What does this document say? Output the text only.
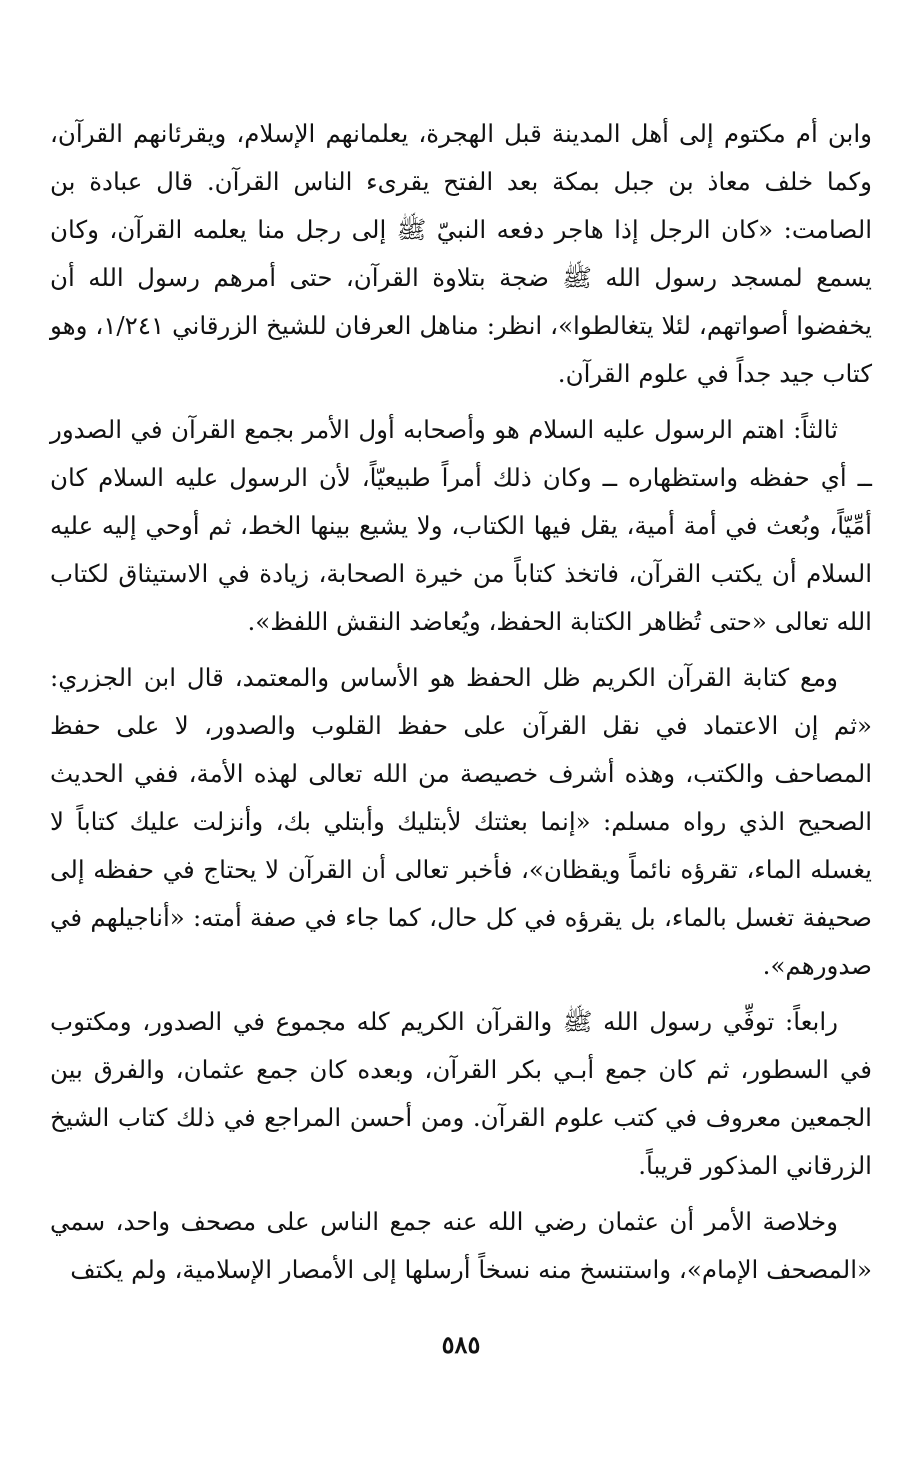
وابن أم مكتوم إلى أهل المدينة قبل الهجرة، يعلمانهم الإسلام، ويقرئانهم القرآن، وكما خلف معاذ بن جبل بمكة بعد الفتح يقرىء الناس القرآن. قال عبادة بن الصامت: «كان الرجل إذا هاجر دفعه النبيّ ﷺ إلى رجل منا يعلمه القرآن، وكان يسمع لمسجد رسول الله ﷺ ضجة بتلاوة القرآن، حتى أمرهم رسول الله أن يخفضوا أصواتهم، لئلا يتغالطوا»، انظر: مناهل العرفان للشيخ الزرقاني ١/٢٤١، وهو كتاب جيد جداً في علوم القرآن.

ثالثاً: اهتم الرسول عليه السلام هو وأصحابه أول الأمر بجمع القرآن في الصدور ــ أي حفظه واستظهاره ــ وكان ذلك أمراً طبيعيّاً، لأن الرسول عليه السلام كان أمِّيّاً، وبُعث في أمة أمية، يقل فيها الكتاب، ولا يشيع بينها الخط، ثم أوحي إليه عليه السلام أن يكتب القرآن، فاتخذ كتاباً من خيرة الصحابة، زيادة في الاستيثاق لكتاب الله تعالى «حتى تُظاهر الكتابة الحفظ، ويُعاضد النقش اللفظ».

ومع كتابة القرآن الكريم ظل الحفظ هو الأساس والمعتمد، قال ابن الجزري: «ثم إن الاعتماد في نقل القرآن على حفظ القلوب والصدور، لا على حفظ المصاحف والكتب، وهذه أشرف خصيصة من الله تعالى لهذه الأمة، ففي الحديث الصحيح الذي رواه مسلم: «إنما بعثتك لأبتليك وأبتلي بك، وأنزلت عليك كتاباً لا يغسله الماء، تقرؤه نائماً ويقظان»، فأخبر تعالى أن القرآن لا يحتاج في حفظه إلى صحيفة تغسل بالماء، بل يقرؤه في كل حال، كما جاء في صفة أمته: «أناجيلهم في صدورهم».

رابعاً: توفِّي رسول الله ﷺ والقرآن الكريم كله مجموع في الصدور، ومكتوب في السطور، ثم كان جمع أبـي بكر القرآن، وبعده كان جمع عثمان، والفرق بين الجمعين معروف في كتب علوم القرآن. ومن أحسن المراجع في ذلك كتاب الشيخ الزرقاني المذكور قريباً.

وخلاصة الأمر أن عثمان رضي الله عنه جمع الناس على مصحف واحد، سمي «المصحف الإمام»، واستنسخ منه نسخاً أرسلها إلى الأمصار الإسلامية، ولم يكتف

٥٨٥
